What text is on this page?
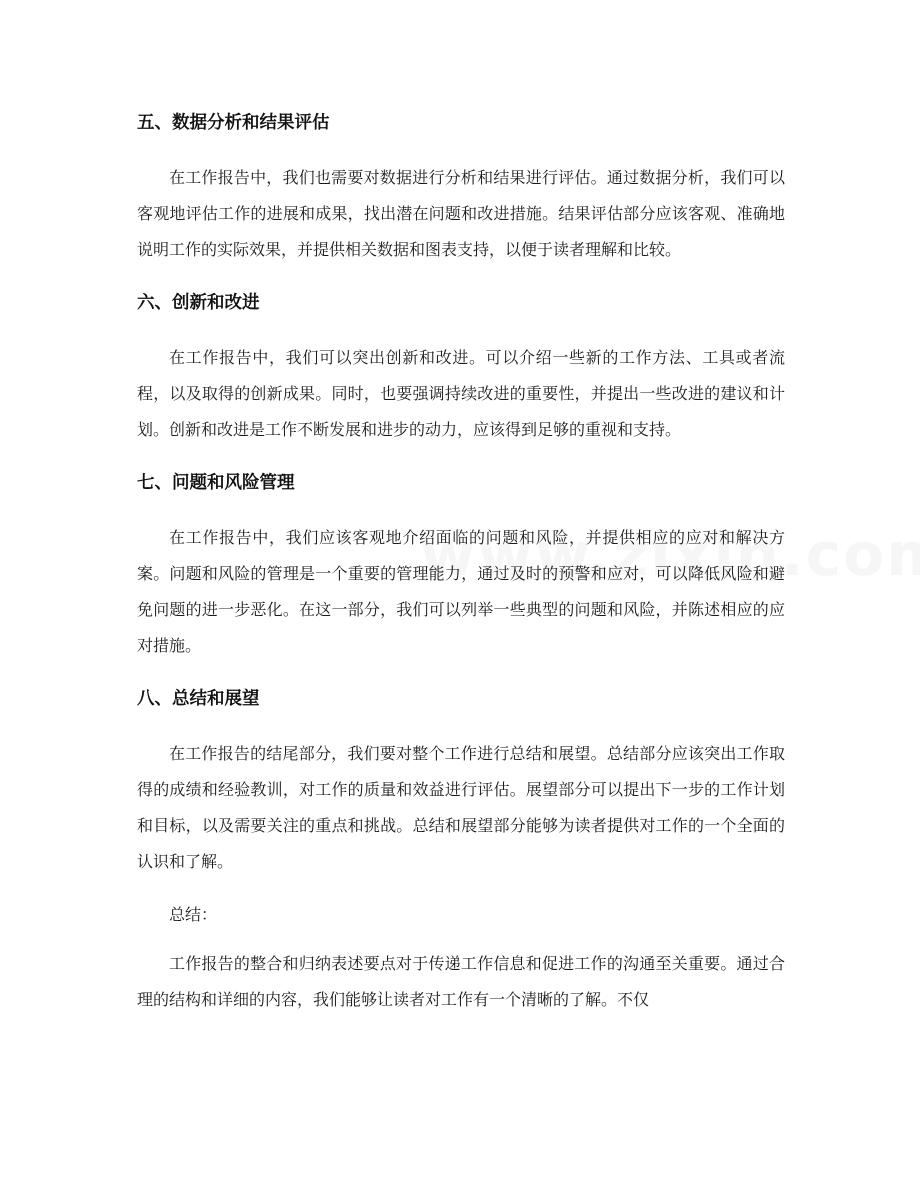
五、数据分析和结果评估

在工作报告中，我们也需要对数据进行分析和结果进行评估。通过数据分析，我们可以客观地评估工作的进展和成果，找出潜在问题和改进措施。结果评估部分应该客观、准确地说明工作的实际效果，并提供相关数据和图表支持，以便于读者理解和比较。

六、创新和改进

在工作报告中，我们可以突出创新和改进。可以介绍一些新的工作方法、工具或者流程，以及取得的创新成果。同时，也要强调持续改进的重要性，并提出一些改进的建议和计划。创新和改进是工作不断发展和进步的动力，应该得到足够的重视和支持。

七、问题和风险管理

在工作报告中，我们应该客观地介绍面临的问题和风险，并提供相应的应对和解决方案。问题和风险的管理是一个重要的管理能力，通过及时的预警和应对，可以降低风险和避免问题的进一步恶化。在这一部分，我们可以列举一些典型的问题和风险，并陈述相应的应对措施。

八、总结和展望

在工作报告的结尾部分，我们要对整个工作进行总结和展望。总结部分应该突出工作取得的成绩和经验教训，对工作的质量和效益进行评估。展望部分可以提出下一步的工作计划和目标，以及需要关注的重点和挑战。总结和展望部分能够为读者提供对工作的一个全面的认识和了解。

总结：

工作报告的整合和归纳表述要点对于传递工作信息和促进工作的沟通至关重要。通过合理的结构和详细的内容，我们能够让读者对工作有一个清晰的了解。不仅
